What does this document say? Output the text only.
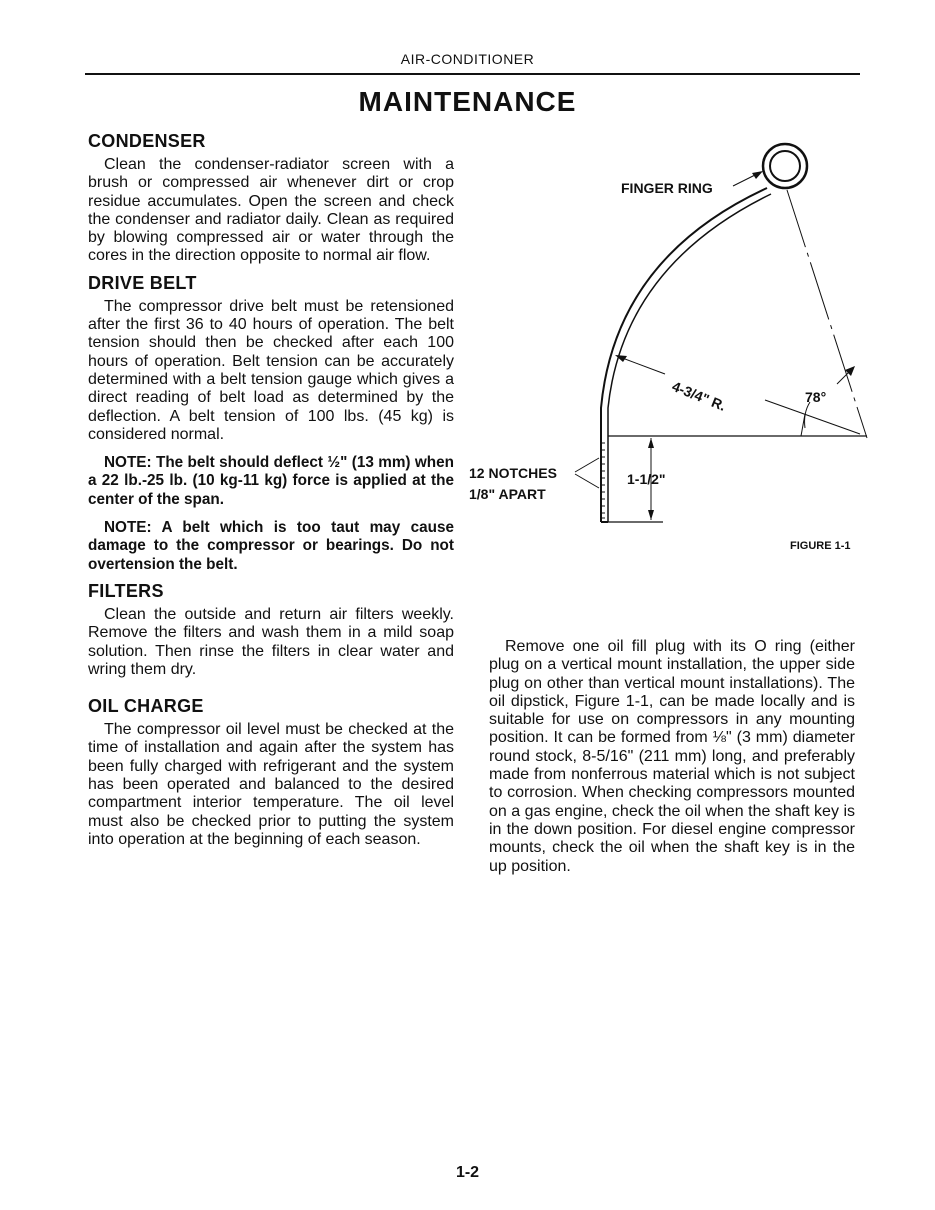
AIR-CONDITIONER
MAINTENANCE
CONDENSER

Clean the condenser-radiator screen with a brush or compressed air whenever dirt or crop residue accumulates. Open the screen and check the condenser and radiator daily. Clean as required by blowing compressed air or water through the cores in the direction opposite to normal air flow.

DRIVE BELT

The compressor drive belt must be retensioned after the first 36 to 40 hours of operation. The belt tension should then be checked after each 100 hours of operation. Belt tension can be accurately determined with a belt tension gauge which gives a direct reading of belt load as determined by the deflection. A belt tension of 100 lbs. (45 kg) is considered normal.

NOTE: The belt should deflect ½" (13 mm) when a 22 lb.-25 lb. (10 kg-11 kg) force is applied at the center of the span.

NOTE: A belt which is too taut may cause damage to the compressor or bearings. Do not overtension the belt.

FILTERS

Clean the outside and return air filters weekly. Remove the filters and wash them in a mild soap solution. Then rinse the filters in clear water and wring them dry.

OIL CHARGE

The compressor oil level must be checked at the time of installation and again after the system has been fully charged with refrigerant and the system has been operated and balanced to the desired compartment interior temperature. The oil level must also be checked prior to putting the system into operation at the beginning of each season.

FINGER RING
4-3/4" R.	78°
12 NOTCHES
1/8" APART
1-1/2"
FIGURE 1-1

Remove one oil fill plug with its O ring (either plug on a vertical mount installation, the upper side plug on other than vertical mount installations). The oil dipstick, Figure 1-1, can be made locally and is suitable for use on compressors in any mounting position. It can be formed from ⅛" (3 mm) diameter round stock, 8-5/16" (211 mm) long, and preferably made from nonferrous material which is not subject to corrosion. When checking compressors mounted on a gas engine, check the oil when the shaft key is in the down position. For diesel engine compressor mounts, check the oil when the shaft key is in the up position.

1-2
